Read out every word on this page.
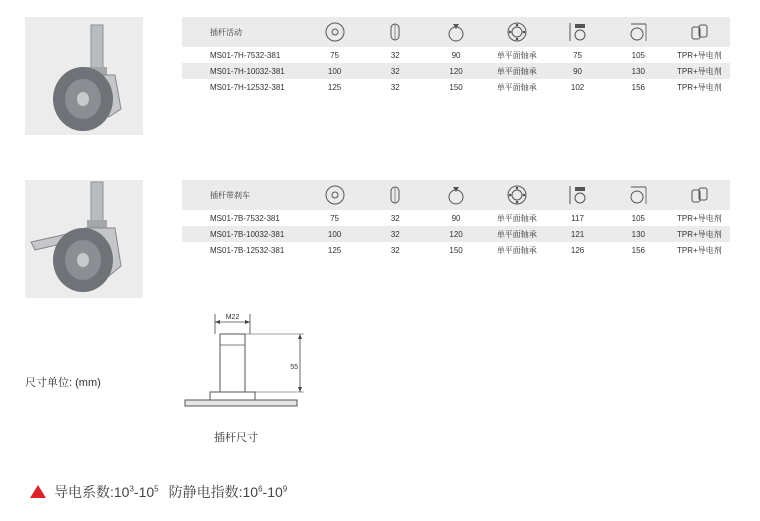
插杆活动							
MS01-7H-7532-381	75	32	90	单平面轴承	75	105	TPR+导电剂
MS01-7H-10032-381	100	32	120	单平面轴承	90	130	TPR+导电剂
MS01-7H-12532-381	125	32	150	单平面轴承	102	156	TPR+导电剂
插杆带刹车							
MS01-7B-7532-381	75	32	90	单平面轴承	117	105	TPR+导电剂
MS01-7B-10032-381	100	32	120	单平面轴承	121	130	TPR+导电剂
MS01-7B-12532-381	125	32	150	单平面轴承	126	156	TPR+导电剂
尺寸单位: (mm)
M22
55
插杆尺寸
导电系数$:10^3-10^5$ 防静电指数$:10^6-10^9$
